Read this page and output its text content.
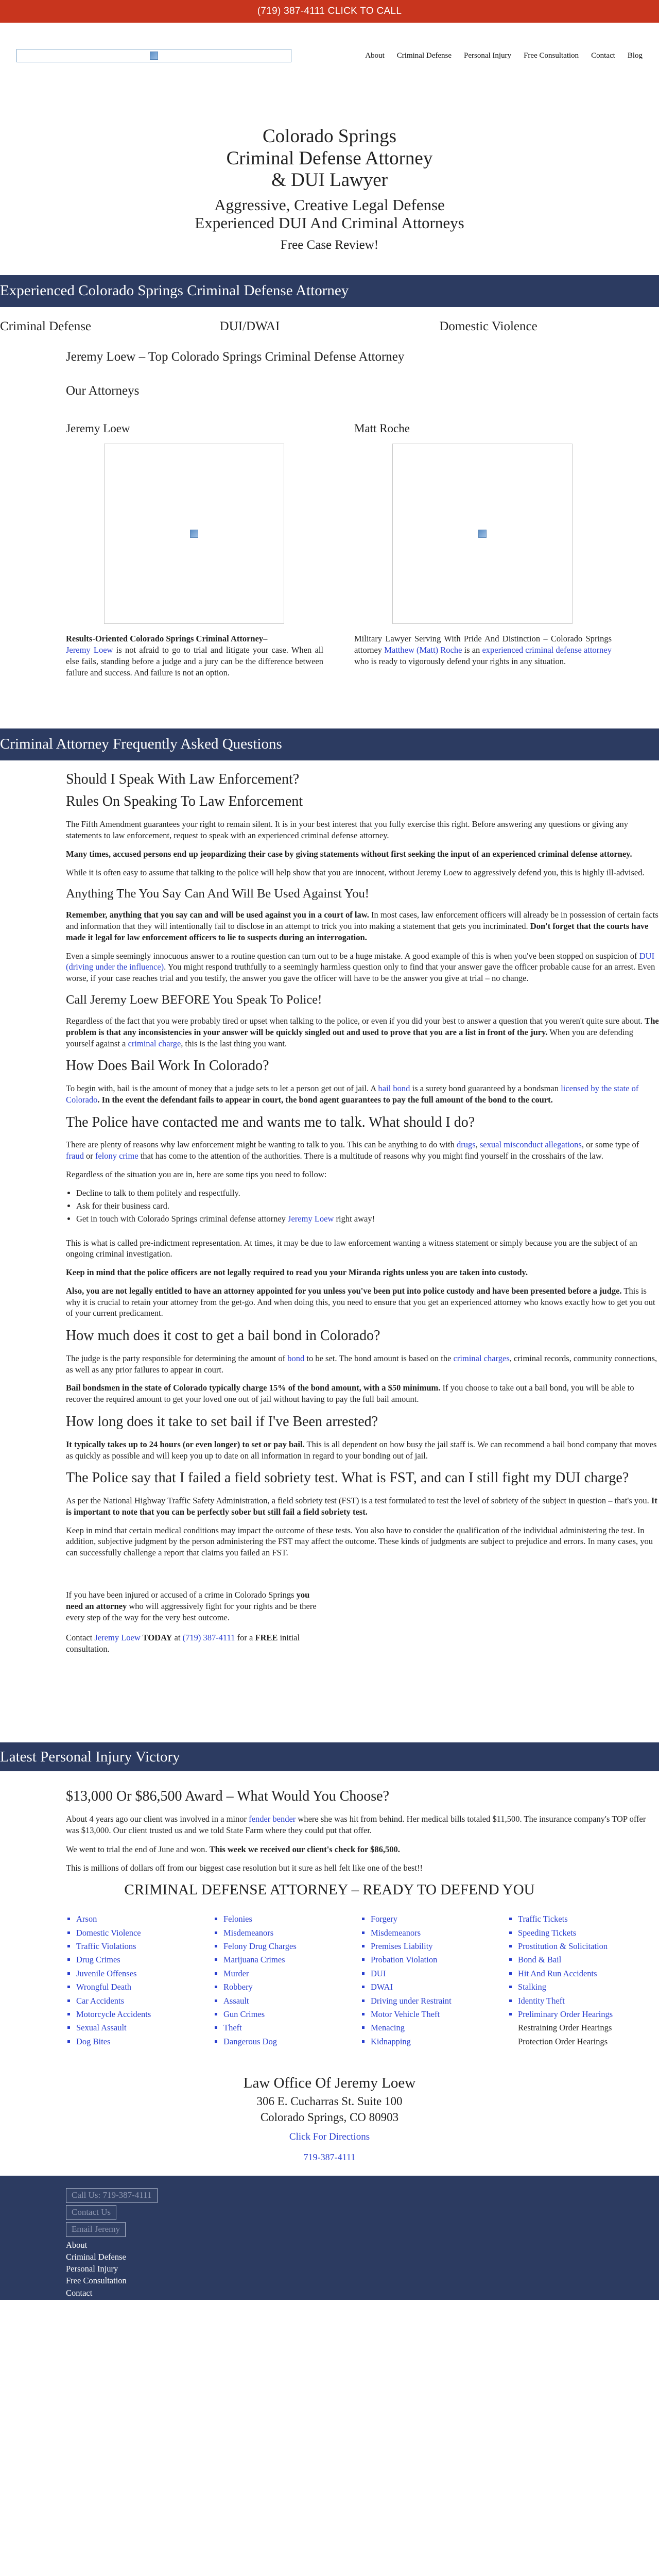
(719) 387-4111 CLICK TO CALL
About Criminal Defense Personal Injury Free Consultation Contact Blog
Colorado Springs
Criminal Defense Attorney
& DUI Lawyer
Aggressive, Creative Legal Defense
Experienced DUI And Criminal Attorneys
Free Case Review!
Experienced Colorado Springs Criminal Defense Attorney
Criminal Defense	DUI/DWAI	Domestic Violence
Jeremy Loew – Top Colorado Springs Criminal Defense Attorney
Our Attorneys
Jeremy Loew

Results-Oriented Colorado Springs Criminal Attorney–
Jeremy Loew is not afraid to go to trial and litigate your case. When all else fails, standing before a judge and a jury can be the difference between failure and success. And failure is not an option.

Matt Roche

Military Lawyer Serving With Pride And Distinction – Colorado Springs attorney Matthew (Matt) Roche is an experienced criminal defense attorney who is ready to vigorously defend your rights in any situation.

Criminal Attorney Frequently Asked Questions
Should I Speak With Law Enforcement?
Rules On Speaking To Law Enforcement

The Fifth Amendment guarantees your right to remain silent. It is in your best interest that you fully exercise this right. Before answering any questions or giving any statements to law enforcement, request to speak with an experienced criminal defense attorney.

Many times, accused persons end up jeopardizing their case by giving statements without first seeking the input of an experienced criminal defense attorney.

While it is often easy to assume that talking to the police will help show that you are innocent, without Jeremy Loew to aggressively defend you, this is highly ill-advised.

Anything The You Say Can And Will Be Used Against You!

Remember, anything that you say can and will be used against you in a court of law. In most cases, law enforcement officers will already be in possession of certain facts and information that they will intentionally fail to disclose in an attempt to trick you into making a statement that gets you incriminated. Don't forget that the courts have made it legal for law enforcement officers to lie to suspects during an interrogation.

Even a simple seemingly innocuous answer to a routine question can turn out to be a huge mistake. A good example of this is when you've been stopped on suspicion of DUI (driving under the influence). You might respond truthfully to a seemingly harmless question only to find that your answer gave the officer probable cause for an arrest. Even worse, if your case reaches trial and you testify, the answer you gave the officer will have to be the answer you give at trial – no change.

Call Jeremy Loew BEFORE You Speak To Police!

Regardless of the fact that you were probably tired or upset when talking to the police, or even if you did your best to answer a question that you weren't quite sure about. The problem is that any inconsistencies in your answer will be quickly singled out and used to prove that you are a list in front of the jury. When you are defending yourself against a criminal charge, this is the last thing you want.

How Does Bail Work In Colorado?

To begin with, bail is the amount of money that a judge sets to let a person get out of jail. A bail bond is a surety bond guaranteed by a bondsman licensed by the state of Colorado. In the event the defendant fails to appear in court, the bond agent guarantees to pay the full amount of the bond to the court.

The Police have contacted me and wants me to talk. What should I do?

There are plenty of reasons why law enforcement might be wanting to talk to you. This can be anything to do with drugs, sexual misconduct allegations, or some type of fraud or felony crime that has come to the attention of the authorities. There is a multitude of reasons why you might find yourself in the crosshairs of the law.

Regardless of the situation you are in, here are some tips you need to follow:

• Decline to talk to them politely and respectfully.
• Ask for their business card.
• Get in touch with Colorado Springs criminal defense attorney Jeremy Loew right away!

This is what is called pre-indictment representation. At times, it may be due to law enforcement wanting a witness statement or simply because you are the subject of an ongoing criminal investigation.

Keep in mind that the police officers are not legally required to read you your Miranda rights unless you are taken into custody.

Also, you are not legally entitled to have an attorney appointed for you unless you've been put into police custody and have been presented before a judge. This is why it is crucial to retain your attorney from the get-go. And when doing this, you need to ensure that you get an experienced attorney who knows exactly how to get you out of your current predicament.

How much does it cost to get a bail bond in Colorado?

The judge is the party responsible for determining the amount of bond to be set. The bond amount is based on the criminal charges, criminal records, community connections, as well as any prior failures to appear in court.

Bail bondsmen in the state of Colorado typically charge 15% of the bond amount, with a $50 minimum. If you choose to take out a bail bond, you will be able to recover the required amount to get your loved one out of jail without having to pay the full bail amount.

How long does it take to set bail if I've Been arrested?

It typically takes up to 24 hours (or even longer) to set or pay bail. This is all dependent on how busy the jail staff is. We can recommend a bail bond company that moves as quickly as possible and will keep you up to date on all information in regard to your bonding out of jail.

The Police say that I failed a field sobriety test. What is FST, and can I still fight my DUI charge?

As per the National Highway Traffic Safety Administration, a field sobriety test (FST) is a test formulated to test the level of sobriety of the subject in question – that's you. It is important to note that you can be perfectly sober but still fail a field sobriety test.

Keep in mind that certain medical conditions may impact the outcome of these tests. You also have to consider the qualification of the individual administering the test. In addition, subjective judgment by the person administering the FST may affect the outcome. These kinds of judgments are subject to prejudice and errors. In many cases, you can successfully challenge a report that claims you failed an FST.

If you have been injured or accused of a crime in Colorado Springs you need an attorney who will aggressively fight for your rights and be there every step of the way for the very best outcome.

Contact Jeremy Loew TODAY at (719) 387-4111 for a FREE initial consultation.

Latest Personal Injury Victory
$13,000 Or $86,500 Award – What Would You Choose?

About 4 years ago our client was involved in a minor fender bender where she was hit from behind. Her medical bills totaled $11,500. The insurance company's TOP offer was $13,000. Our client trusted us and we told State Farm where they could put that offer.

We went to trial the end of June and won. This week we received our client's check for $86,500.

This is millions of dollars off from our biggest case resolution but it sure as hell felt like one of the best!!

CRIMINAL DEFENSE ATTORNEY – READY TO DEFEND YOU
▪ Arson
▪ Domestic Violence
▪ Traffic Violations
▪ Drug Crimes
▪ Juvenile Offenses
▪ Wrongful Death
▪ Car Accidents
▪ Motorcycle Accidents
▪ Sexual Assault
▪ Dog Bites
▪ Felonies
▪ Misdemeanors
▪ Felony Drug Charges
▪ Marijuana Crimes
▪ Murder
▪ Robbery
▪ Assault
▪ Gun Crimes
▪ Theft
▪ Dangerous Dog
▪ Forgery
▪ Misdemeanors
▪ Premises Liability
▪ Probation Violation
▪ DUI
▪ DWAI
▪ Driving under Restraint
▪ Motor Vehicle Theft
▪ Menacing
▪ Kidnapping
▪ Traffic Tickets
▪ Speeding Tickets
▪ Prostitution & Solicitation
▪ Bond & Bail
▪ Hit And Run Accidents
▪ Stalking
▪ Identity Theft
▪ Preliminary Order Hearings
Restraining Order Hearings
Protection Order Hearings
Law Office Of Jeremy Loew

306 E. Cucharras St. Suite 100

Colorado Springs, CO 80903

Click For Directions
719-387-4111
Call Us: 719-387-4111
Contact Us
Email Jeremy
About
Criminal Defense
Personal Injury
Free Consultation
Contact
Blog
